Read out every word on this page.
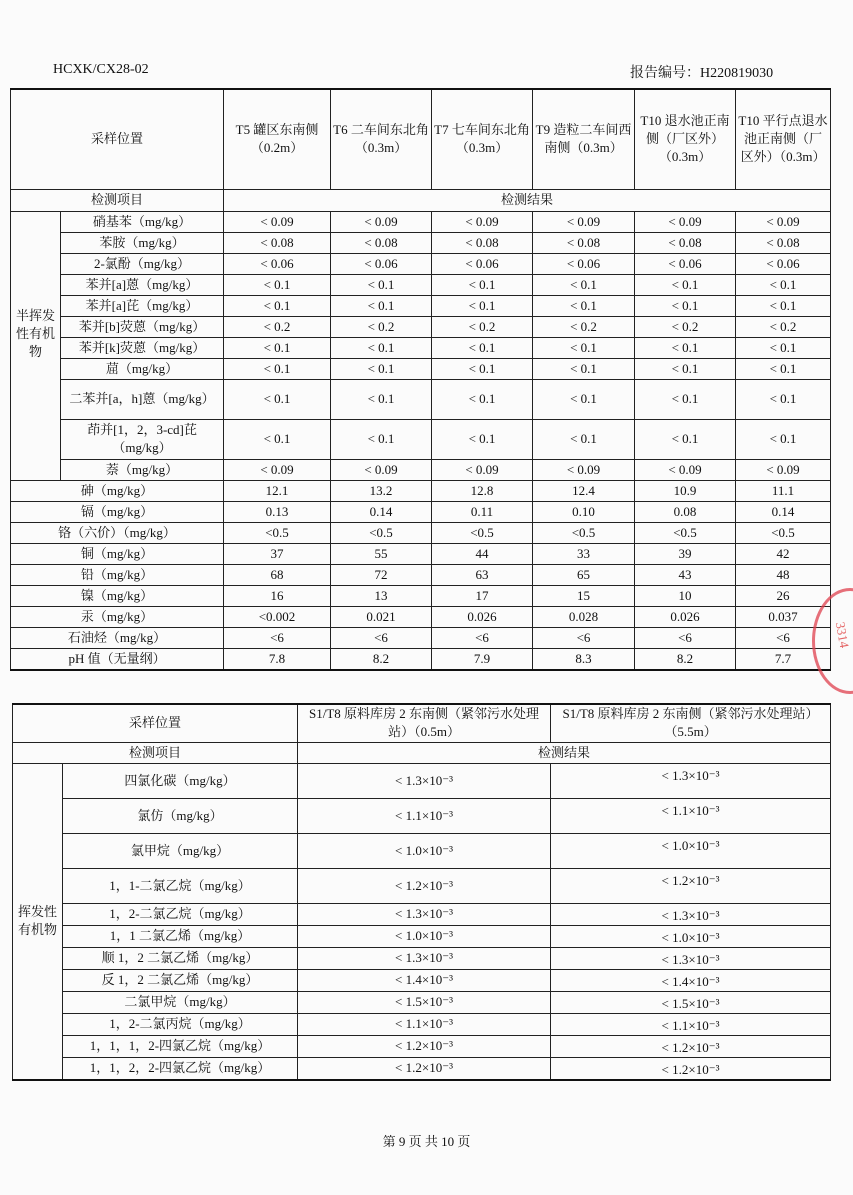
HCXK/CX28-02	报告编号：H220819030
采样位置	T5 罐区东南侧（0.2m）	T6 二车间东北角（0.3m）	T7 七车间东北角（0.3m）	T9 造粒二车间西南侧（0.3m）	T10 退水池正南侧（厂区外）（0.3m）	T10 平行点退水池正南侧（厂区外）（0.3m）
检测项目	检测结果
半挥发性有机物	硝基苯（mg/kg）	< 0.09	< 0.09	< 0.09	< 0.09	< 0.09	< 0.09
苯胺（mg/kg）	< 0.08	< 0.08	< 0.08	< 0.08	< 0.08	< 0.08
2-氯酚（mg/kg）	< 0.06	< 0.06	< 0.06	< 0.06	< 0.06	< 0.06
苯并[a]蒽（mg/kg）	< 0.1	< 0.1	< 0.1	< 0.1	< 0.1	< 0.1
苯并[a]芘（mg/kg）	< 0.1	< 0.1	< 0.1	< 0.1	< 0.1	< 0.1
苯并[b]荧蒽（mg/kg）	< 0.2	< 0.2	< 0.2	< 0.2	< 0.2	< 0.2
苯并[k]荧蒽（mg/kg）	< 0.1	< 0.1	< 0.1	< 0.1	< 0.1	< 0.1
䓛（mg/kg）	< 0.1	< 0.1	< 0.1	< 0.1	< 0.1	< 0.1
二苯并[a，h]蒽（mg/kg）	< 0.1	< 0.1	< 0.1	< 0.1	< 0.1	< 0.1
茚并[1，2，3-cd]芘（mg/kg）	< 0.1	< 0.1	< 0.1	< 0.1	< 0.1	< 0.1
萘（mg/kg）	< 0.09	< 0.09	< 0.09	< 0.09	< 0.09	< 0.09
砷（mg/kg）	12.1	13.2	12.8	12.4	10.9	11.1
镉（mg/kg）	0.13	0.14	0.11	0.10	0.08	0.14
铬（六价）（mg/kg）	<0.5	<0.5	<0.5	<0.5	<0.5	<0.5
铜（mg/kg）	37	55	44	33	39	42
铅（mg/kg）	68	72	63	65	43	48
镍（mg/kg）	16	13	17	15	10	26
汞（mg/kg）	<0.002	0.021	0.026	0.028	0.026	0.037
石油烃（mg/kg）	<6	<6	<6	<6	<6	<6
pH 值（无量纲）	7.8	8.2	7.9	8.3	8.2	7.7
采样位置	S1/T8 原料库房 2 东南侧（紧邻污水处理站）（0.5m）	S1/T8 原料库房 2 东南侧（紧邻污水处理站）（5.5m）
检测项目	检测结果
挥发性有机物	四氯化碳（mg/kg）	< 1.3×10⁻³	< 1.3×10⁻³
氯仿（mg/kg）	< 1.1×10⁻³	< 1.1×10⁻³
氯甲烷（mg/kg）	< 1.0×10⁻³	< 1.0×10⁻³
1，1-二氯乙烷（mg/kg）	< 1.2×10⁻³	< 1.2×10⁻³
1，2-二氯乙烷（mg/kg）	< 1.3×10⁻³	< 1.3×10⁻³
1，1 二氯乙烯（mg/kg）	< 1.0×10⁻³	< 1.0×10⁻³
顺 1，2 二氯乙烯（mg/kg）	< 1.3×10⁻³	< 1.3×10⁻³
反 1，2 二氯乙烯（mg/kg）	< 1.4×10⁻³	< 1.4×10⁻³
二氯甲烷（mg/kg）	< 1.5×10⁻³	< 1.5×10⁻³
1，2-二氯丙烷（mg/kg）	< 1.1×10⁻³	< 1.1×10⁻³
1，1，1，2-四氯乙烷（mg/kg）	< 1.2×10⁻³	< 1.2×10⁻³
1，1，2，2-四氯乙烷（mg/kg）	< 1.2×10⁻³	< 1.2×10⁻³
第 9 页 共 10 页
3314
